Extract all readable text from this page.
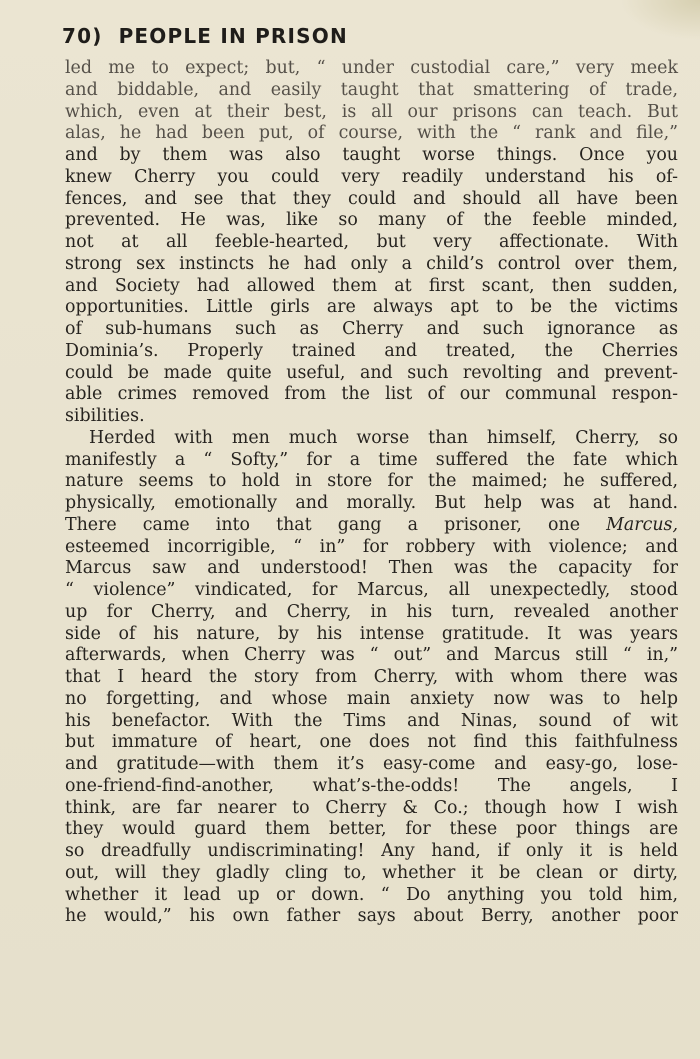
70) PEOPLE IN PRISON
led me to expect; but, “ under custodial care,” very meek
and biddable, and easily taught that smattering of trade,
which, even at their best, is all our prisons can teach. But
alas, he had been put, of course, with the “ rank and file,”
and by them was also taught worse things. Once you
knew Cherry you could very readily understand his of-
fences, and see that they could and should all have been
prevented. He was, like so many of the feeble minded,
not at all feeble-hearted, but very affectionate. With
strong sex instincts he had only a child’s control over them,
and Society had allowed them at first scant, then sudden,
opportunities. Little girls are always apt to be the victims
of sub-humans such as Cherry and such ignorance as
Dominia’s. Properly trained and treated, the Cherries
could be made quite useful, and such revolting and prevent-
able crimes removed from the list of our communal respon-
sibilities.
Herded with men much worse than himself, Cherry, so
manifestly a “ Softy,” for a time suffered the fate which
nature seems to hold in store for the maimed; he suffered,
physically, emotionally and morally. But help was at hand.
There came into that gang a prisoner, one Marcus,
esteemed incorrigible, “ in” for robbery with violence; and
Marcus saw and understood! Then was the capacity for
“ violence” vindicated, for Marcus, all unexpectedly, stood
up for Cherry, and Cherry, in his turn, revealed another
side of his nature, by his intense gratitude. It was years
afterwards, when Cherry was “ out” and Marcus still “ in,”
that I heard the story from Cherry, with whom there was
no forgetting, and whose main anxiety now was to help
his benefactor. With the Tims and Ninas, sound of wit
but immature of heart, one does not find this faithfulness
and gratitude—with them it’s easy-come and easy-go, lose-
one-friend-find-another, what’s-the-odds! The angels, I
think, are far nearer to Cherry & Co.; though how I wish
they would guard them better, for these poor things are
so dreadfully undiscriminating! Any hand, if only it is held
out, will they gladly cling to, whether it be clean or dirty,
whether it lead up or down. “ Do anything you told him,
he would,” his own father says about Berry, another poor
